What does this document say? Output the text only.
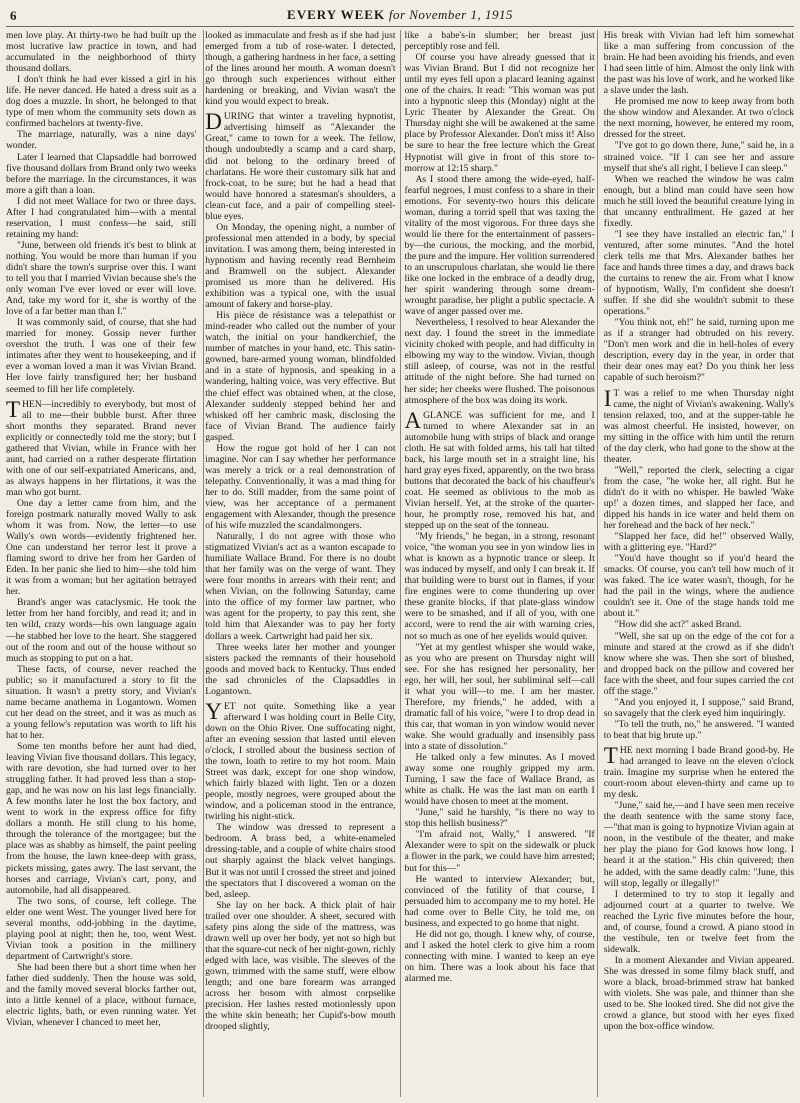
6	EVERY WEEK for November 1, 1915

men love play. At thirty-two he had built up the most lucrative law practice in town, and had accumulated in the neighborhood of thirty thousand dollars.

I don't think he had ever kissed a girl in his life. He never danced. He hated a dress suit as a dog does a muzzle. In short, he belonged to that type of men whom the community sets down as confirmed bachelors at twenty-five.

The marriage, naturally, was a nine days' wonder.

Later I learned that Clapsaddle had borrowed five thousand dollars from Brand only two weeks before the marriage. In the circumstances, it was more a gift than a loan.

I did not meet Wallace for two or three days. After I had congratulated him—with a mental reservation, I must confess—he said, still retaining my hand:

"June, between old friends it's best to blink at nothing. You would be more than human if you didn't share the town's surprise over this. I want to tell you that I married Vivian because she's the only woman I've ever loved or ever will love. And, take my word for it, she is worthy of the love of a far better man than I."

It was commonly said, of course, that she had married for money. Gossip never further overshot the truth. I was one of their few intimates after they went to housekeeping, and if ever a woman loved a man it was Vivian Brand. Her love fairly transfigured her; her husband seemed to fill her life completely.

THEN—incredibly to everybody, but most of all to me—their bubble burst. After three short months they separated. Brand never explicitly or connectedly told me the story; but I gathered that Vivian, while in France with her aunt, had carried on a rather desperate flirtation with one of our self-expatriated Americans, and, as always happens in her flirtations, it was the man who got burnt.

One day a letter came from him, and the foreign postmark naturally moved Wally to ask whom it was from. Now, the letter—to use Wally's own words—evidently frightened her. One can understand her terror lest it prove a flaming sword to drive her from her Garden of Eden. In her panic she lied to him—she told him it was from a woman; but her agitation betrayed her.

Brand's anger was cataclysmic. He took the letter from her hand forcibly, and read it; and in ten wild, crazy words—his own language again—he stabbed her love to the heart. She staggered out of the room and out of the house without so much as stopping to put on a hat.

These facts, of course, never reached the public; so it manufactured a story to fit the situation. It wasn't a pretty story, and Vivian's name became anathema in Logantown. Women cut her dead on the street, and it was as much as a young fellow's reputation was worth to lift his hat to her.

Some ten months before her aunt had died, leaving Vivian five thousand dollars. This legacy, with rare devotion, she had turned over to her struggling father. It had proved less than a stop-gap, and he was now on his last legs financially. A few months later he lost the box factory, and went to work in the express office for fifty dollars a month. He still clung to his home, through the tolerance of the mortgagee; but the place was as shabby as himself, the paint peeling from the house, the lawn knee-deep with grass, pickets missing, gates awry. The last servant, the horses and carriage, Vivian's cart, pony, and automobile, had all disappeared.

The two sons, of course, left college. The elder one went West. The younger lived here for several months, odd-jobbing in the daytime, playing pool at night; then he, too, went West. Vivian took a position in the millinery department of Cartwright's store.

She had been there but a short time when her father died suddenly. Then the house was sold, and the family moved several blocks farther out, into a little kennel of a place, without furnace, electric lights, bath, or even running water. Yet Vivian, whenever I chanced to meet her,

looked as immaculate and fresh as if she had just emerged from a tub of rose-water. I detected, though, a gathering hardness in her face, a setting of the lines around her mouth. A woman doesn't go through such experiences without either hardening or breaking, and Vivian wasn't the kind you would expect to break.

DURING that winter a traveling hypnotist, advertising himself as "Alexander the Great," came to town for a week. The fellow, though undoubtedly a scamp and a card sharp, did not belong to the ordinary breed of charlatans. He wore their customary silk hat and frock-coat, to be sure; but he had a head that would have honored a statesman's shoulders, a clean-cut face, and a pair of compelling steel-blue eyes.

On Monday, the opening night, a number of professional men attended in a body, by special invitation. I was among them, being interested in hypnotism and having recently read Bernheim and Bramwell on the subject. Alexander promised us more than he delivered. His exhibition was a typical one, with the usual amount of fakery and horse-play.

His pièce de résistance was a telepathist or mind-reader who called out the number of your watch, the initial on your handkerchief, the number of matches in your hand, etc. This satin-gowned, bare-armed young woman, blindfolded and in a state of hypnosis, and speaking in a wandering, halting voice, was very effective. But the chief effect was obtained when, at the close, Alexander suddenly stepped behind her and whisked off her cambric mask, disclosing the face of Vivian Brand. The audience fairly gasped.

How the rogue got hold of her I can not imagine. Nor can I say whether her performance was merely a trick or a real demonstration of telepathy. Conventionally, it was a mad thing for her to do. Still madder, from the same point of view, was her acceptance of a permanent engagement with Alexander, though the presence of his wife muzzled the scandalmongers.

Naturally, I do not agree with those who stigmatized Vivian's act as a wanton escapade to humiliate Wallace Brand. For there is no doubt that her family was on the verge of want. They were four months in arrears with their rent; and when Vivian, on the following Saturday, came into the office of my former law partner, who was agent for the property, to pay this rent, she told him that Alexander was to pay her forty dollars a week. Cartwright had paid her six.

Three weeks later her mother and younger sisters packed the remnants of their household goods and moved back to Kentucky. Thus ended the sad chronicles of the Clapsaddles in Logantown.

YET not quite. Something like a year afterward I was holding court in Belle City, down on the Ohio River. One suffocating night, after an evening session that lasted until eleven o'clock, I strolled about the business section of the town, loath to retire to my hot room. Main Street was dark, except for one shop window, which fairly blazed with light. Ten or a dozen people, mostly negroes, were grouped about the window, and a policeman stood in the entrance, twirling his night-stick.

The window was dressed to represent a bedroom. A brass bed, a white-enameled dressing-table, and a couple of white chairs stood out sharply against the black velvet hangings. But it was not until I crossed the street and joined the spectators that I discovered a woman on the bed, asleep.

She lay on her back. A thick plait of hair trailed over one shoulder. A sheet, secured with safety pins along the side of the mattress, was drawn well up over her body, yet not so high but that the square-cut neck of her night-gown, richly edged with lace, was visible. The sleeves of the gown, trimmed with the same stuff, were elbow length; and one bare forearm was arranged across her bosom with almost corpselike precision. Her lashes rested motionlessly upon the white skin beneath; her Cupid's-bow mouth drooped slightly,

like a babe's-in slumber; her breast just perceptibly rose and fell.

Of course you have already guessed that it was Vivian Brand. But I did not recognize her until my eyes fell upon a placard leaning against one of the chairs. It read: "This woman was put into a hypnotic sleep this (Monday) night at the Lyric Theater by Alexander the Great. On Thursday night she will be awakened at the same place by Professor Alexander. Don't miss it! Also be sure to hear the free lecture which the Great Hypnotist will give in front of this store to-morrow at 12:15 sharp."

As I stood there among the wide-eyed, half-fearful negroes, I must confess to a share in their emotions. For seventy-two hours this delicate woman, during a torrid spell that was taxing the vitality of the most vigorous. For three days she would lie there for the entertainment of passers-by—the curious, the mocking, and the morbid, the pure and the impure. Her volition surrendered to an unscrupulous charlatan, she would lie there like one locked in the embrace of a deadly drug, her spirit wandering through some dream-wrought paradise, her plight a public spectacle. A wave of anger passed over me.

Nevertheless, I resolved to hear Alexander the next day. I found the street in the immediate vicinity choked with people, and had difficulty in elbowing my way to the window. Vivian, though still asleep, of course, was not in the restful attitude of the night before. She had turned on her side; her cheeks were flushed. The poisonous atmosphere of the box was doing its work.

AGLANCE was sufficient for me, and I turned to where Alexander sat in an automobile hung with strips of black and orange cloth. He sat with folded arms, his tall hat tilted back, his large mouth set in a straight line, his hard gray eyes fixed, apparently, on the two brass buttons that decorated the back of his chauffeur's coat. He seemed as oblivious to the mob as Vivian herself. Yet, at the stroke of the quarter-hour, he promptly rose, removed his hat, and stepped up on the seat of the tonneau.

"My friends," he began, in a strong, resonant voice, "the woman you see in yon window lies in what is known as a hypnotic trance or sleep. It was induced by myself, and only I can break it. If that building were to burst out in flames, if your fire engines were to come thundering up over these granite blocks, if that plate-glass window were to be smashed, and if all of you, with one accord, were to rend the air with warning cries, not so much as one of her eyelids would quiver.

"Yet at my gentlest whisper she would wake, as you who are present on Thursday night will see. For she has resigned her personality, her ego, her will, her soul, her subliminal self—call it what you will—to me. I am her master. Therefore, my friends," he added, with a dramatic fall of his voice, "were I to drop dead in this car, that woman in yon window would never wake. She would gradually and insensibly pass into a state of dissolution."

He talked only a few minutes. As I moved away some one roughly gripped my arm. Turning, I saw the face of Wallace Brand, as white as chalk. He was the last man on earth I would have chosen to meet at the moment.

"June," said he harshly, "is there no way to stop this hellish business?"

"I'm afraid not, Wally," I answered. "If Alexander were to spit on the sidewalk or pluck a flower in the park, we could have him arrested; but for this—"

He wanted to interview Alexander; but, convinced of the futility of that course, I persuaded him to accompany me to my hotel. He had come over to Belle City, he told me, on business, and expected to go home that night.

He did not go, though. I knew why, of course, and I asked the hotel clerk to give him a room connecting with mine. I wanted to keep an eye on him. There was a look about his face that alarmed me.

His break with Vivian had left him somewhat like a man suffering from concussion of the brain. He had been avoiding his friends, and even I had seen little of him. Almost the only link with the past was his love of work, and he worked like a slave under the lash.

He promised me now to keep away from both the show window and Alexander. At two o'clock the next morning, however, he entered my room, dressed for the street.

"I've got to go down there, June," said he, in a strained voice. "If I can see her and assure myself that she's all right, I believe I can sleep."

When we reached the window he was calm enough, but a blind man could have seen how much he still loved the beautiful creature lying in that uncanny enthrallment. He gazed at her fixedly.

"I see they have installed an electric fan," I ventured, after some minutes. "And the hotel clerk tells me that Mrs. Alexander bathes her face and hands three times a day, and draws back the curtains to renew the air. From what I know of hypnotism, Wally, I'm confident she doesn't suffer. If she did she wouldn't submit to these operations."

"You think not, eh!" he said, turning upon me as if a stranger had obtruded on his revery. "Don't men work and die in hell-holes of every description, every day in the year, in order that their dear ones may eat? Do you think her less capable of such heroism?"

IT was a relief to me when Thursday night came, the night of Vivian's awakening. Wally's tension relaxed, too, and at the supper-table he was almost cheerful. He insisted, however, on my sitting in the office with him until the return of the day clerk, who had gone to the show at the theater.

"Well," reported the clerk, selecting a cigar from the case, "he woke her, all right. But he didn't do it with no whisper. He bawled 'Wake up!' a dozen times, and slapped her face, and dipped his hands in ice water and held them on her forehead and the back of her neck."

"Slapped her face, did he!" observed Wally, with a glittering eye. "Hard?"

"You'd have thought so if you'd heard the smacks. Of course, you can't tell how much of it was faked. The ice water wasn't, though, for he had the pail in the wings, where the audience couldn't see it. One of the stage hands told me about it."

"How did she act?" asked Brand.

"Well, she sat up on the edge of the cot for a minute and stared at the crowd as if she didn't know where she was. Then she sort of blushed, and dropped back on the pillow and covered her face with the sheet, and four supes carried the cot off the stage."

"And you enjoyed it, I suppose," said Brand, so savagely that the clerk eyed him inquiringly.

"To tell the truth, no," he answered. "I wanted to beat that big brute up."

THE next morning I bade Brand good-by. He had arranged to leave on the eleven o'clock train. Imagine my surprise when he entered the court-room about eleven-thirty and came up to my desk.

"June," said he,—and I have seen men receive the death sentence with the same stony face,—"that man is going to hypnotize Vivian again at noon, in the vestibule of the theater, and make her play the piano for God knows how long. I heard it at the station." His chin quivered; then he added, with the same deadly calm: "June, this will stop, legally or illegally!"

I determined to try to stop it legally and adjourned court at a quarter to twelve. We reached the Lyric five minutes before the hour, and, of course, found a crowd. A piano stood in the vestibule, ten or twelve feet from the sidewalk.

In a moment Alexander and Vivian appeared. She was dressed in some filmy black stuff, and wore a black, broad-brimmed straw hat banked with violets. She was pale, and thinner than she used to be. She looked tired. She did not give the crowd a glance, but stood with her eyes fixed upon the box-office window.
